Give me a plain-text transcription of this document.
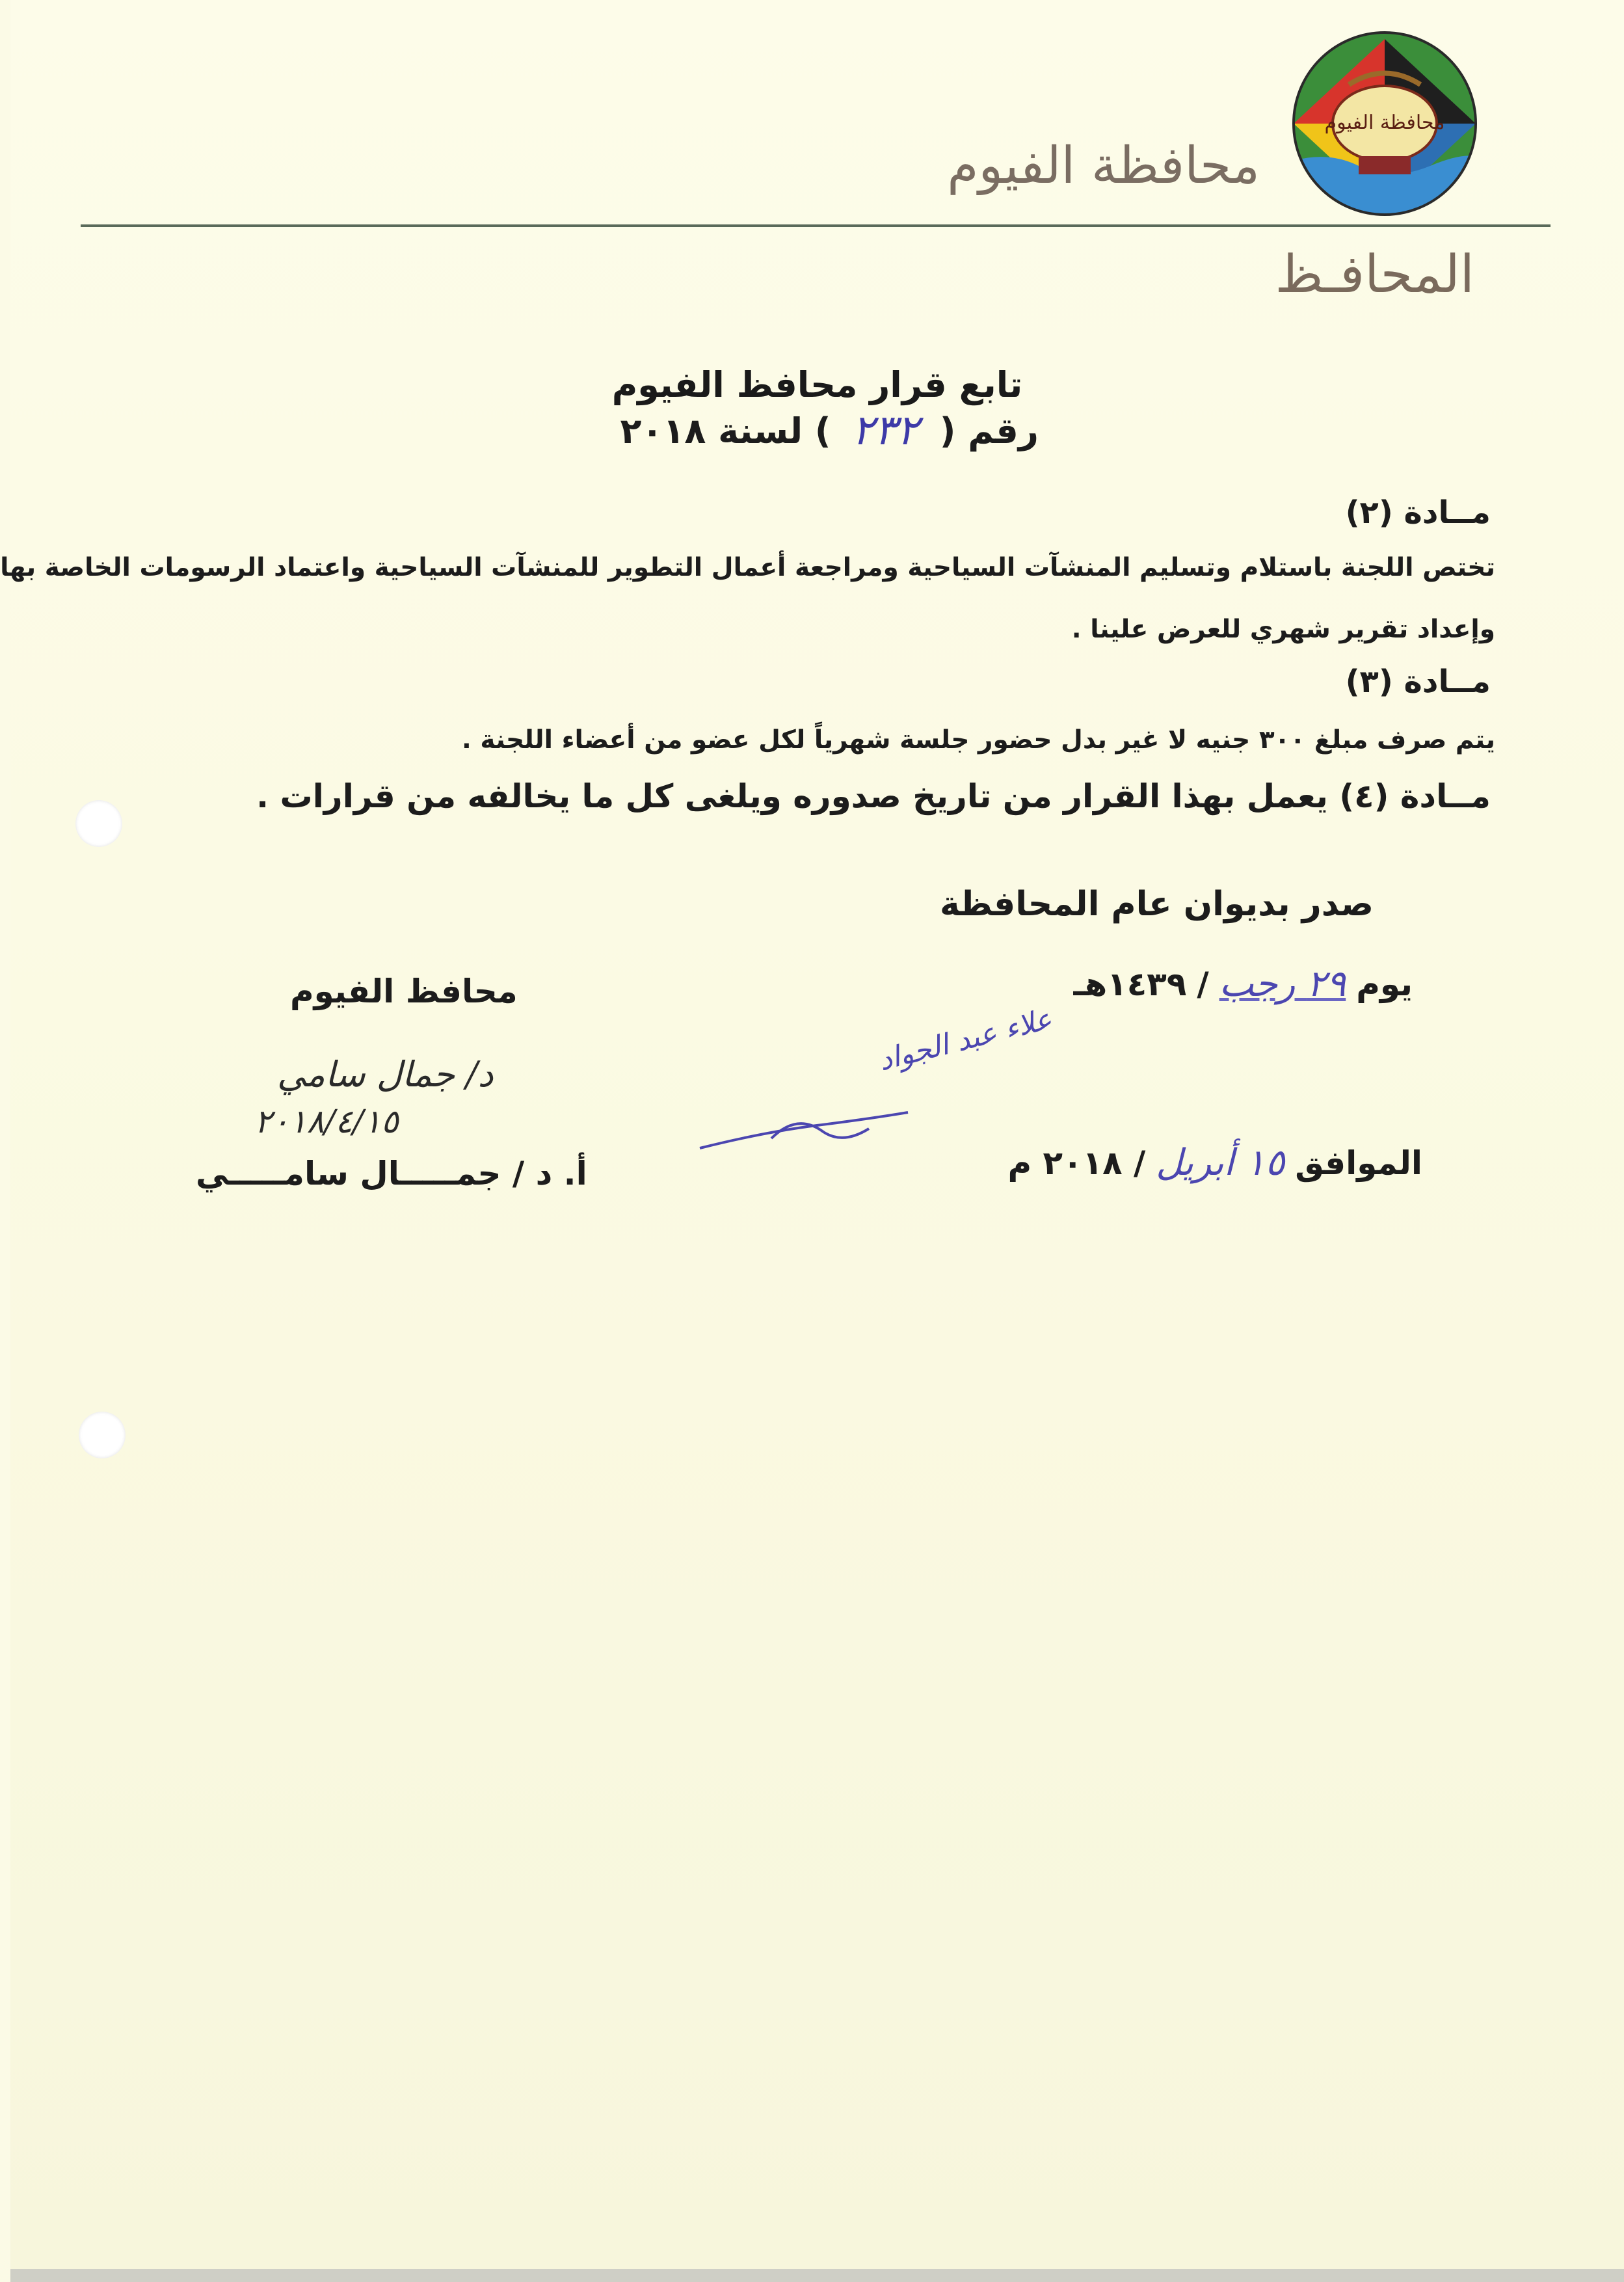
محافظة الفيوم
محافظة الفيوم
المحافـظ
تابع قرار محافظ الفيوم
رقم (
٢٣٢
) لسنة ٢٠١٨
مــادة (٢)
تختص اللجنة باستلام وتسليم المنشآت السياحية ومراجعة أعمال التطوير للمنشآت السياحية واعتماد الرسومات الخاصة بها
وإعداد تقرير شهري للعرض علينا .
مــادة (٣)
يتم صرف مبلغ ٣٠٠ جنيه لا غير بدل حضور جلسة شهرياً لكل عضو من أعضاء اللجنة .
مــادة (٤) يعمل بهذا القرار من تاريخ صدوره ويلغى كل ما يخالفه من قرارات .
صدر بديوان عام المحافظة
يوم
٢٩ رجب
/
١٤٣٩هـ
الموافق
١٥ أبريل
/ ٢٠١٨ م
محافظ الفيوم
د/ جمال سامي
٢٠١٨/٤/١٥
أ. د / جمـــــال سامـــــي
علاء عبد الجواد
